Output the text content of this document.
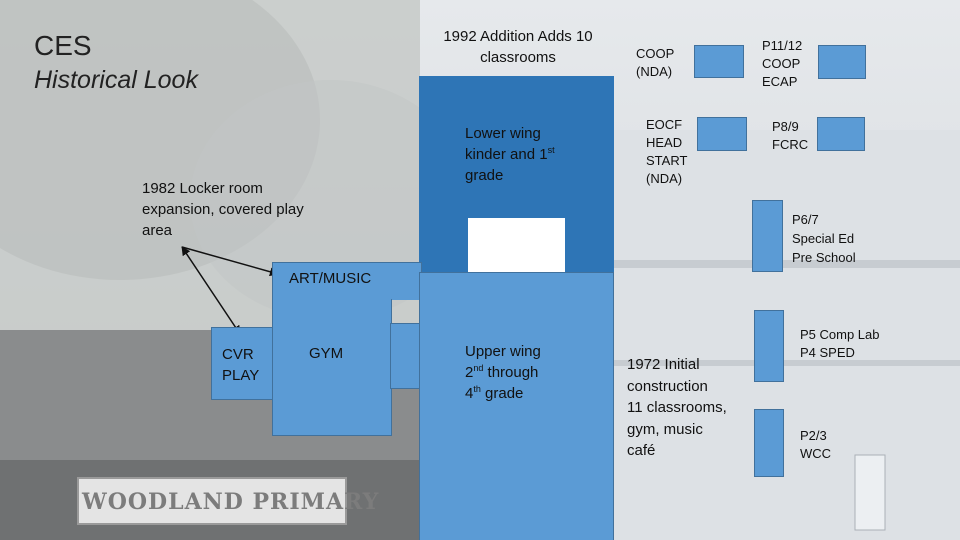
WOODLAND PRIMARY
CES
Historical Look
1992 Addition Adds 10 classrooms
Lower wing
kinder and 1st
grade
1982 Locker room expansion, covered play area
ART/MUSIC
GYM
CVR
PLAY
Upper wing
2nd through
4th grade
1972 Initial
construction
11 classrooms,
gym, music
café
COOP
(NDA)
P11/12
COOP
ECAP
EOCF
HEAD
START
(NDA)
P8/9
FCRC
P6/7
Special Ed
Pre School
P5 Comp Lab
P4 SPED
P2/3
WCC
